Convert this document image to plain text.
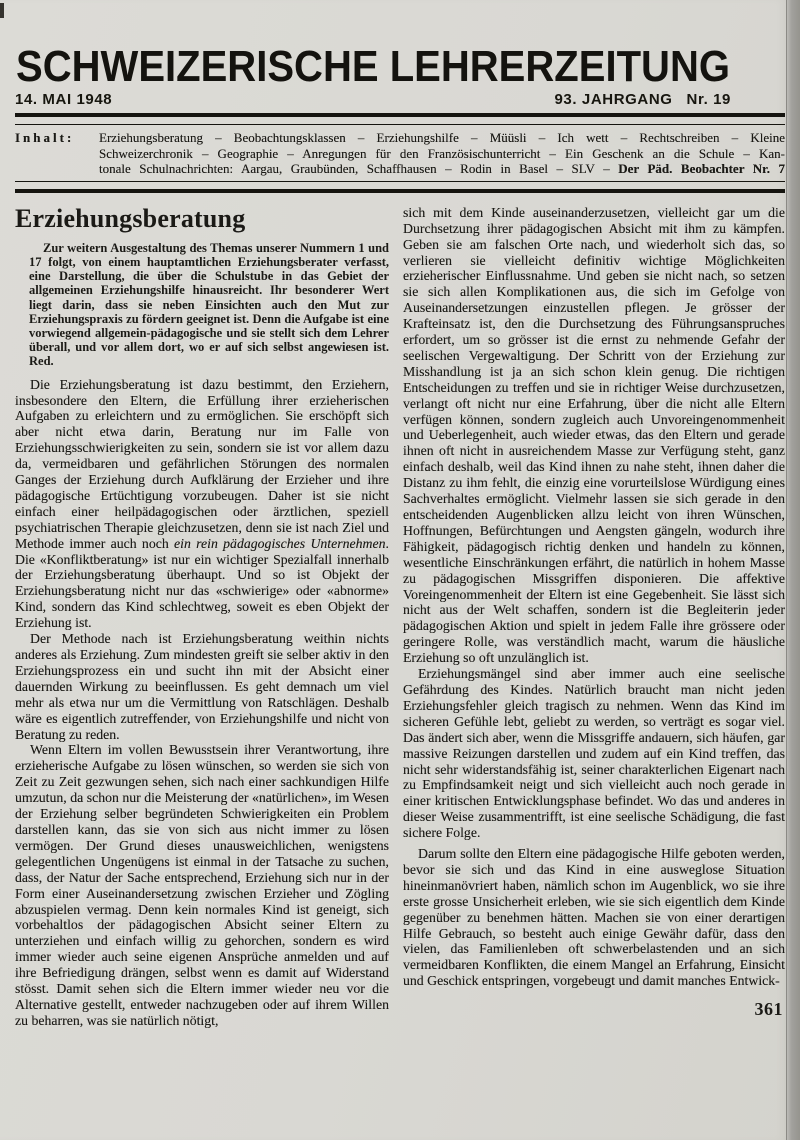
SCHWEIZERISCHE LEHRERZEITUNG
14. MAI 1948	93. JAHRGANG Nr. 19
Inhalt: Erziehungsberatung – Beobachtungsklassen – Erziehungshilfe – Müüsli – Ich wett – Rechtschreiben – Kleine
Schweizerchronik – Geographie – Anregungen für den Französischunterricht – Ein Geschenk an die Schule – Kan-
tonale Schulnachrichten: Aargau, Graubünden, Schaffhausen – Rodin in Basel – SLV – Der Päd. Beobachter Nr. 7
Erziehungsberatung

Zur weitern Ausgestaltung des Themas unserer Nummern 1 und 17 folgt, von einem hauptamtlichen Erziehungsberater verfasst, eine Darstellung, die über die Schulstube in das Gebiet der allgemeinen Erziehungshilfe hinausreicht. Ihr besonderer Wert liegt darin, dass sie neben Einsichten auch den Mut zur Erziehungspraxis zu fördern geeignet ist. Denn die Aufgabe ist eine vorwiegend allgemein-pädagogische und sie stellt sich dem Lehrer überall, und vor allem dort, wo er auf sich selbst angewiesen ist. Red.

Die Erziehungsberatung ist dazu bestimmt, den Erziehern, insbesondere den Eltern, die Erfüllung ihrer erzieherischen Aufgaben zu erleichtern und zu ermöglichen. Sie erschöpft sich aber nicht etwa darin, Beratung nur im Falle von Erziehungsschwierigkeiten zu sein, sondern sie ist vor allem dazu da, vermeidbaren und gefährlichen Störungen des normalen Ganges der Erziehung durch Aufklärung der Erzieher und ihre pädagogische Ertüchtigung vorzubeugen. Daher ist sie nicht einfach einer heilpädagogischen oder ärztlichen, speziell psychiatrischen Therapie gleichzusetzen, denn sie ist nach Ziel und Methode immer auch noch ein rein pädagogisches Unternehmen. Die «Konfliktberatung» ist nur ein wichtiger Spezialfall innerhalb der Erziehungsberatung überhaupt. Und so ist Objekt der Erziehungsberatung nicht nur das «schwierige» oder «abnorme» Kind, sondern das Kind schlechtweg, soweit es eben Objekt der Erziehung ist.

Der Methode nach ist Erziehungsberatung weithin nichts anderes als Erziehung. Zum mindesten greift sie selber aktiv in den Erziehungsprozess ein und sucht ihn mit der Absicht einer dauernden Wirkung zu beeinflussen. Es geht demnach um viel mehr als etwa nur um die Vermittlung von Ratschlägen. Deshalb wäre es eigentlich zutreffender, von Erziehungshilfe und nicht von Beratung zu reden.

Wenn Eltern im vollen Bewusstsein ihrer Verantwortung, ihre erzieherische Aufgabe zu lösen wünschen, so werden sie sich von Zeit zu Zeit gezwungen sehen, sich nach einer sachkundigen Hilfe umzutun, da schon nur die Meisterung der «natürlichen», im Wesen der Erziehung selber begründeten Schwierigkeiten ein Problem darstellen kann, das sie von sich aus nicht immer zu lösen vermögen. Der Grund dieses unausweichlichen, wenigstens gelegentlichen Ungenügens ist einmal in der Tatsache zu suchen, dass, der Natur der Sache entsprechend, Erziehung sich nur in der Form einer Auseinandersetzung zwischen Erzieher und Zögling abzuspielen vermag. Denn kein normales Kind ist geneigt, sich vorbehaltlos der pädagogischen Absicht seiner Eltern zu unterziehen und einfach willig zu gehorchen, sondern es wird immer wieder auch seine eigenen Ansprüche anmelden und auf ihre Befriedigung drängen, selbst wenn es damit auf Widerstand stösst. Damit sehen sich die Eltern immer wieder neu vor die Alternative gestellt, entweder nachzugeben oder auf ihrem Willen zu beharren, was sie natürlich nötigt,

sich mit dem Kinde auseinanderzusetzen, vielleicht gar um die Durchsetzung ihrer pädagogischen Absicht mit ihm zu kämpfen. Geben sie am falschen Orte nach, und wiederholt sich das, so verlieren sie vielleicht definitiv wichtige Möglichkeiten erzieherischer Einflussnahme. Und geben sie nicht nach, so setzen sie sich allen Komplikationen aus, die sich im Gefolge von Auseinandersetzungen einzustellen pflegen. Je grösser der Krafteinsatz ist, den die Durchsetzung des Führungsanspruches erfordert, um so grösser ist die ernst zu nehmende Gefahr der seelischen Vergewaltigung. Der Schritt von der Erziehung zur Misshandlung ist ja an sich schon klein genug. Die richtigen Entscheidungen zu treffen und sie in richtiger Weise durchzusetzen, verlangt oft nicht nur eine Erfahrung, über die nicht alle Eltern verfügen können, sondern zugleich auch Unvoreingenommenheit und Ueberlegenheit, auch wieder etwas, das den Eltern und gerade ihnen oft nicht in ausreichendem Masse zur Verfügung steht, ganz einfach deshalb, weil das Kind ihnen zu nahe steht, ihnen daher die Distanz zu ihm fehlt, die einzig eine vorurteilslose Würdigung eines Sachverhaltes ermöglicht. Vielmehr lassen sie sich gerade in den entscheidenden Augenblicken allzu leicht von ihren Wünschen, Hoffnungen, Befürchtungen und Aengsten gängeln, wodurch ihre Fähigkeit, pädagogisch richtig denken und handeln zu können, wesentliche Einschränkungen erfährt, die natürlich in hohem Masse zu pädagogischen Missgriffen disponieren. Die affektive Voreingenommenheit der Eltern ist eine Gegebenheit. Sie lässt sich nicht aus der Welt schaffen, sondern ist die Begleiterin jeder pädagogischen Aktion und spielt in jedem Falle ihre grössere oder geringere Rolle, was verständlich macht, warum die häusliche Erziehung so oft unzulänglich ist.

Erziehungsmängel sind aber immer auch eine seelische Gefährdung des Kindes. Natürlich braucht man nicht jeden Erziehungsfehler gleich tragisch zu nehmen. Wenn das Kind im sicheren Gefühle lebt, geliebt zu werden, so verträgt es sogar viel. Das ändert sich aber, wenn die Missgriffe andauern, sich häufen, gar massive Reizungen darstellen und zudem auf ein Kind treffen, das nicht sehr widerstandsfähig ist, seiner charakterlichen Eigenart nach zu Empfindsamkeit neigt und sich vielleicht auch noch gerade in einer kritischen Entwicklungsphase befindet. Wo das und anderes in dieser Weise zusammentrifft, ist eine seelische Schädigung, die fast sichere Folge.

Darum sollte den Eltern eine pädagogische Hilfe geboten werden, bevor sie sich und das Kind in eine ausweglose Situation hineinmanövriert haben, nämlich schon im Augenblick, wo sie ihre erste grosse Unsicherheit erleben, wie sie sich eigentlich dem Kinde gegenüber zu benehmen hätten. Machen sie von einer derartigen Hilfe Gebrauch, so besteht auch einige Gewähr dafür, dass den vielen, das Familienleben oft schwerbelastenden und an sich vermeidbaren Konflikten, die einem Mangel an Erfahrung, Einsicht und Geschick entspringen, vorgebeugt und damit manches Entwick-

361
